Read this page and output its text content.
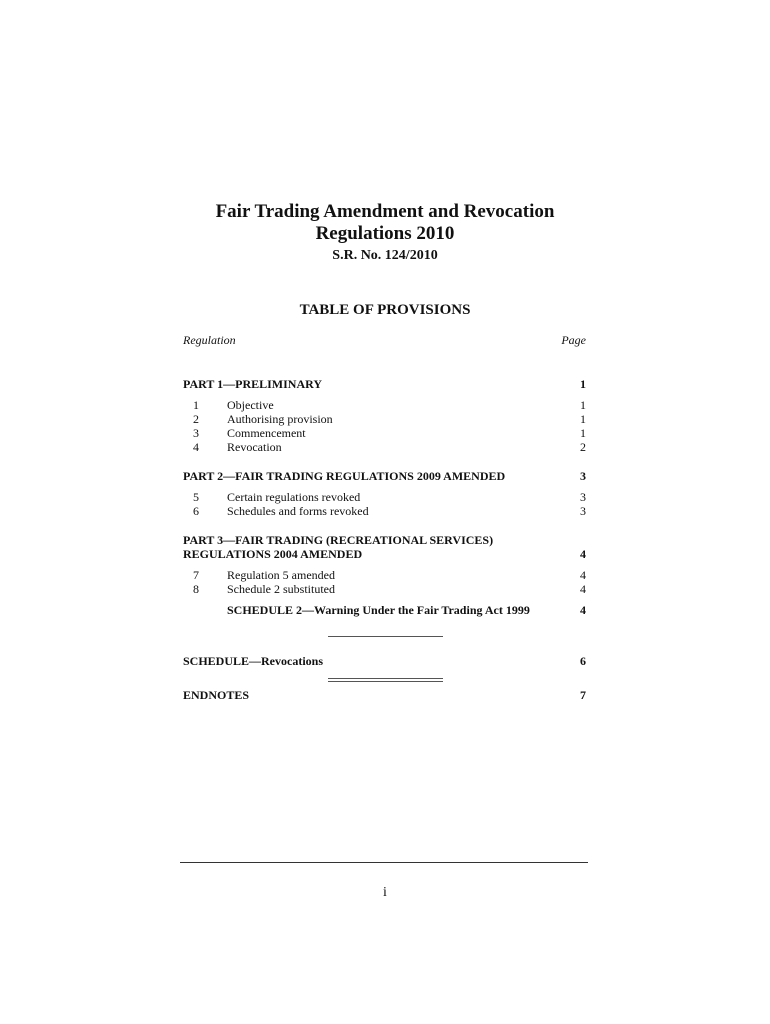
Fair Trading Amendment and Revocation
Regulations 2010
S.R. No. 124/2010
TABLE OF PROVISIONS
Regulation	Page
PART 1—PRELIMINARY	1
1 Objective	1
2 Authorising provision	1
3 Commencement	1
4 Revocation	2
PART 2—FAIR TRADING REGULATIONS 2009 AMENDED	3
5 Certain regulations revoked	3
6 Schedules and forms revoked	3
PART 3—FAIR TRADING (RECREATIONAL SERVICES)
REGULATIONS 2004 AMENDED	4
7 Regulation 5 amended	4
8 Schedule 2 substituted	4
SCHEDULE 2—Warning Under the Fair Trading Act 1999	4
SCHEDULE—Revocations	6
ENDNOTES	7
i
